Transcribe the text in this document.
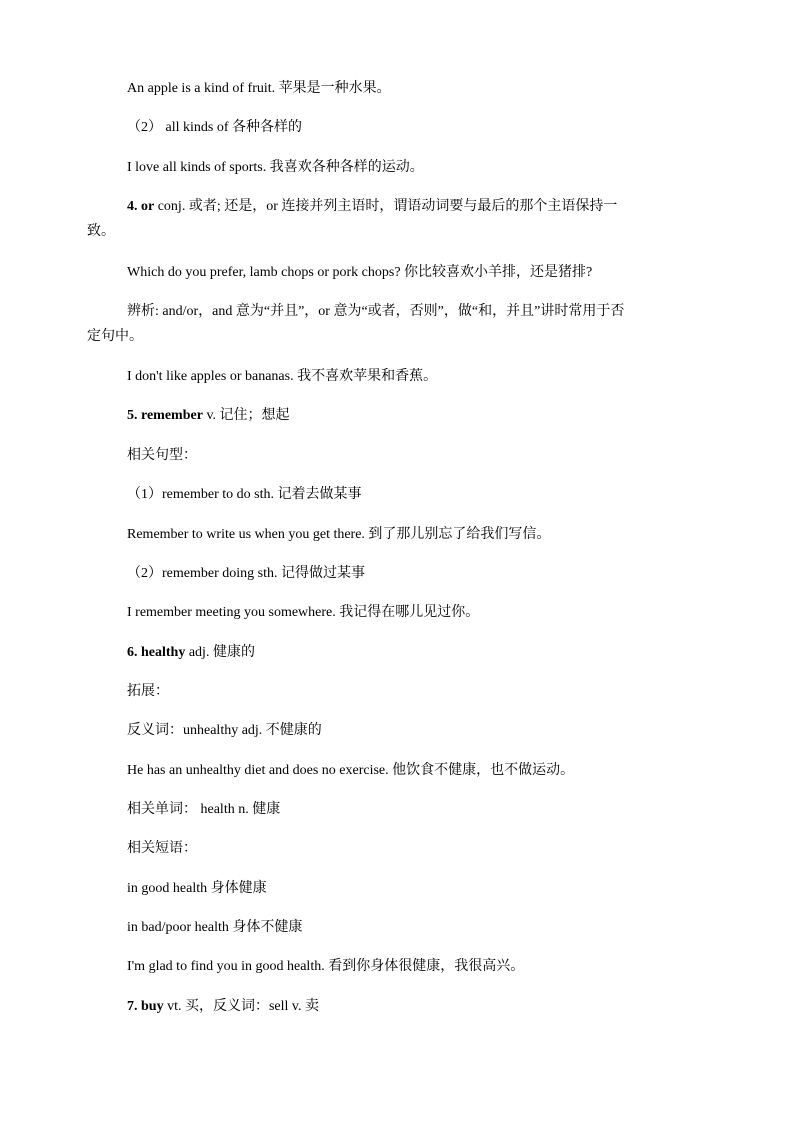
An apple is a kind of fruit. 苹果是一种水果。
（2） all kinds of 各种各样的
I love all kinds of sports. 我喜欢各种各样的运动。
4. or conj. 或者; 还是，or 连接并列主语时，谓语动词要与最后的那个主语保持一
致。
Which do you prefer, lamb chops or pork chops? 你比较喜欢小羊排，还是猪排?
辨析: and/or，and 意为“并且”，or 意为“或者，否则”，做“和，并且”讲时常用于否
定句中。
I don't like apples or bananas. 我不喜欢苹果和香蕉。
5. remember v. 记住；想起
相关句型：
（1）remember to do sth. 记着去做某事
Remember to write us when you get there. 到了那儿别忘了给我们写信。
（2）remember doing sth. 记得做过某事
I remember meeting you somewhere. 我记得在哪儿见过你。
6. healthy adj. 健康的
拓展：
反义词：unhealthy adj. 不健康的
He has an unhealthy diet and does no exercise. 他饮食不健康，也不做运动。
相关单词： health n. 健康
相关短语：
in good health 身体健康
in bad/poor health 身体不健康
I'm glad to find you in good health. 看到你身体很健康，我很高兴。
7. buy vt. 买，反义词：sell v. 卖
